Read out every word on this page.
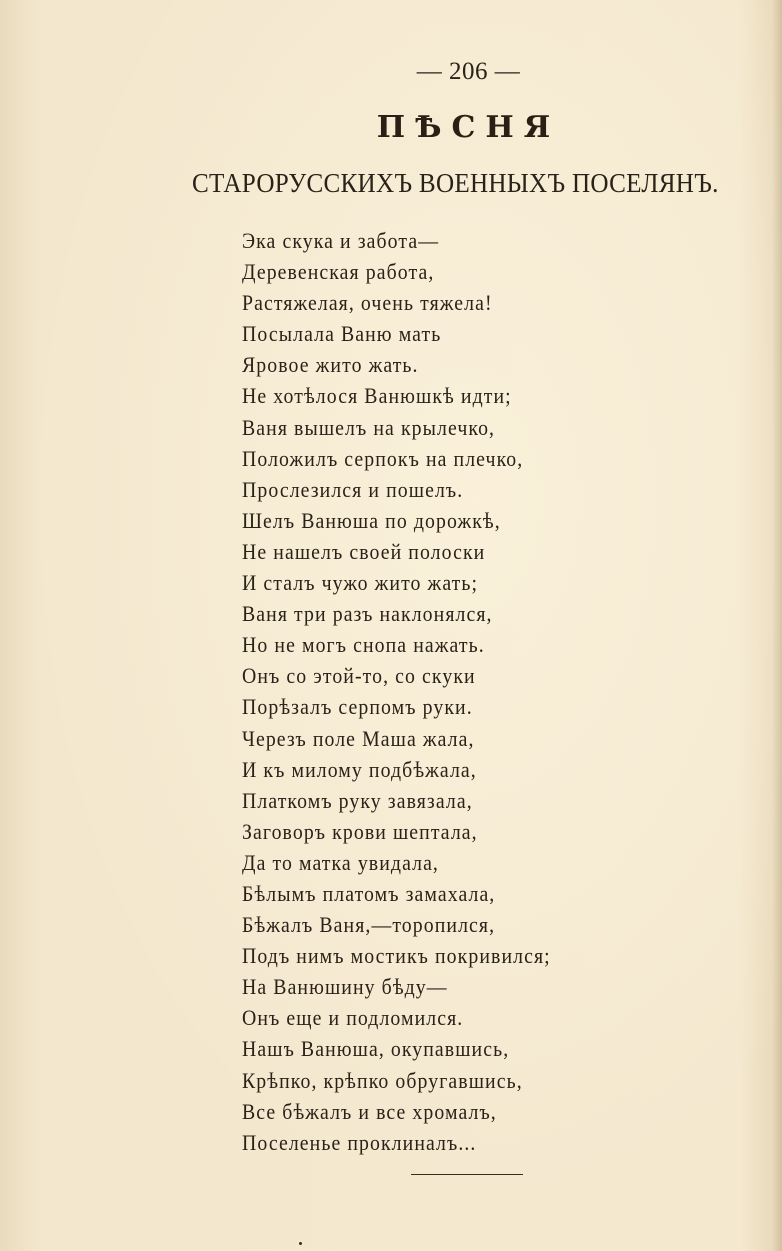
— 206 —
ПѢСНЯ
СТАРОРУССКИХЪ ВОЕННЫХЪ ПОСЕЛЯНЪ.
Эка скука и забота—
Деревенская работа,
Растяжелая, очень тяжела!
Посылала Ваню мать
Яровое жито жать.
Не хотѣлося Ванюшкѣ идти;
Ваня вышелъ на крылечко,
Положилъ серпокъ на плечко,
Прослезился и пошелъ.
Шелъ Ванюша по дорожкѣ,
Не нашелъ своей полоски
И сталъ чужо жито жать;
Ваня три разъ наклонялся,
Но не могъ снопа нажать.
Онъ со этой-то, со скуки
Порѣзалъ серпомъ руки.
Черезъ поле Маша жала,
И къ милому подбѣжала,
Платкомъ руку завязала,
Заговоръ крови шептала,
Да то матка увидала,
Бѣлымъ платомъ замахала,
Бѣжалъ Ваня,—торопился,
Подъ нимъ мостикъ покривился;
На Ванюшину бѣду—
Онъ еще и подломился.
Нашъ Ванюша, окупавшись,
Крѣпко, крѣпко обругавшись,
Все бѣжалъ и все хромалъ,
Поселенье проклиналъ...
